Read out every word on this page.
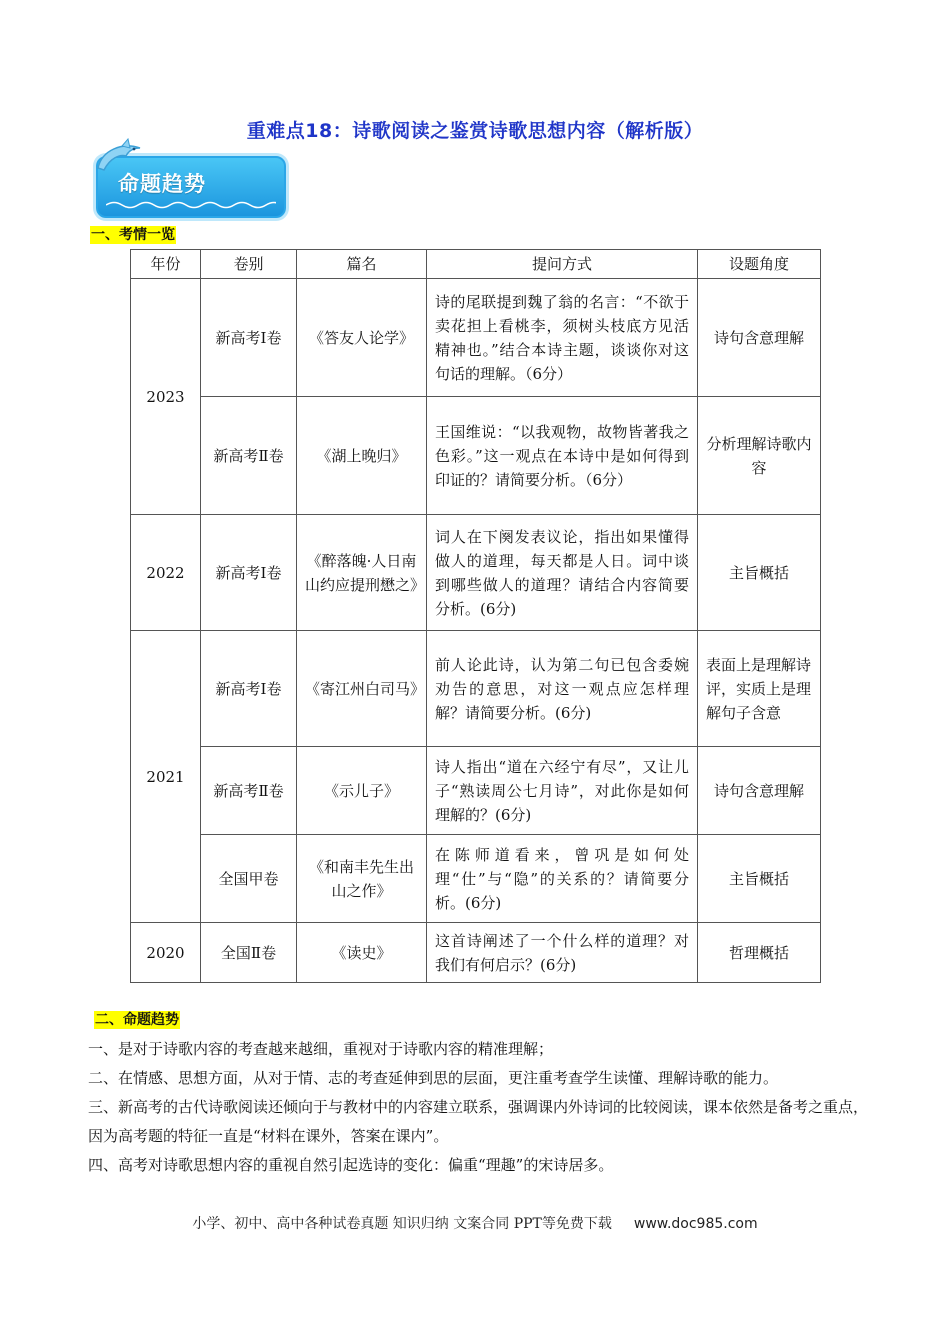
重难点18：诗歌阅读之鉴赏诗歌思想内容（解析版）
命题趋势
一、考情一览
年份	卷别	篇名	提问方式	设题角度
2023	新高考Ⅰ卷	《答友人论学》	诗的尾联提到魏了翁的名言：“不欲于卖花担上看桃李，须树头枝底方见活精神也。”结合本诗主题，谈谈你对这句话的理解。（6分）	诗句含意理解
	新高考Ⅱ卷	《湖上晚归》	王国维说：“以我观物，故物皆著我之色彩。”这一观点在本诗中是如何得到印证的？请简要分析。（6分）	分析理解诗歌内容
2022	新高考Ⅰ卷	《醉落魄·人日南山约应提刑懋之》	词人在下阕发表议论，指出如果懂得做人的道理，每天都是人日。词中谈到哪些做人的道理？请结合内容简要分析。(6分)	主旨概括
2021	新高考Ⅰ卷	《寄江州白司马》	前人论此诗，认为第二句已包含委婉劝告的意思，对这一观点应怎样理解？请简要分析。(6分)	表面上是理解诗评，实质上是理解句子含意
	新高考Ⅱ卷	《示儿子》	诗人指出“道在六经宁有尽”，又让儿子“熟读周公七月诗”，对此你是如何理解的？(6分)	诗句含意理解
	全国甲卷	《和南丰先生出山之作》	在陈师道看来，曾巩是如何处理“仕”与“隐”的关系的？请简要分析。(6分)	主旨概括
2020	全国Ⅱ卷	《读史》	这首诗阐述了一个什么样的道理？对我们有何启示？(6分)	哲理概括
二、命题趋势
一、是对于诗歌内容的考查越来越细，重视对于诗歌内容的精准理解；
二、在情感、思想方面，从对于情、志的考查延伸到思的层面，更注重考查学生读懂、理解诗歌的能力。
三、新高考的古代诗歌阅读还倾向于与教材中的内容建立联系，强调课内外诗词的比较阅读，课本依然是备考之重点，因为高考题的特征一直是“材料在课外，答案在课内”。
四、高考对诗歌思想内容的重视自然引起选诗的变化：偏重“理趣”的宋诗居多。
小学、初中、高中各种试卷真题 知识归纳 文案合同 PPT等免费下载 www.doc985.com
